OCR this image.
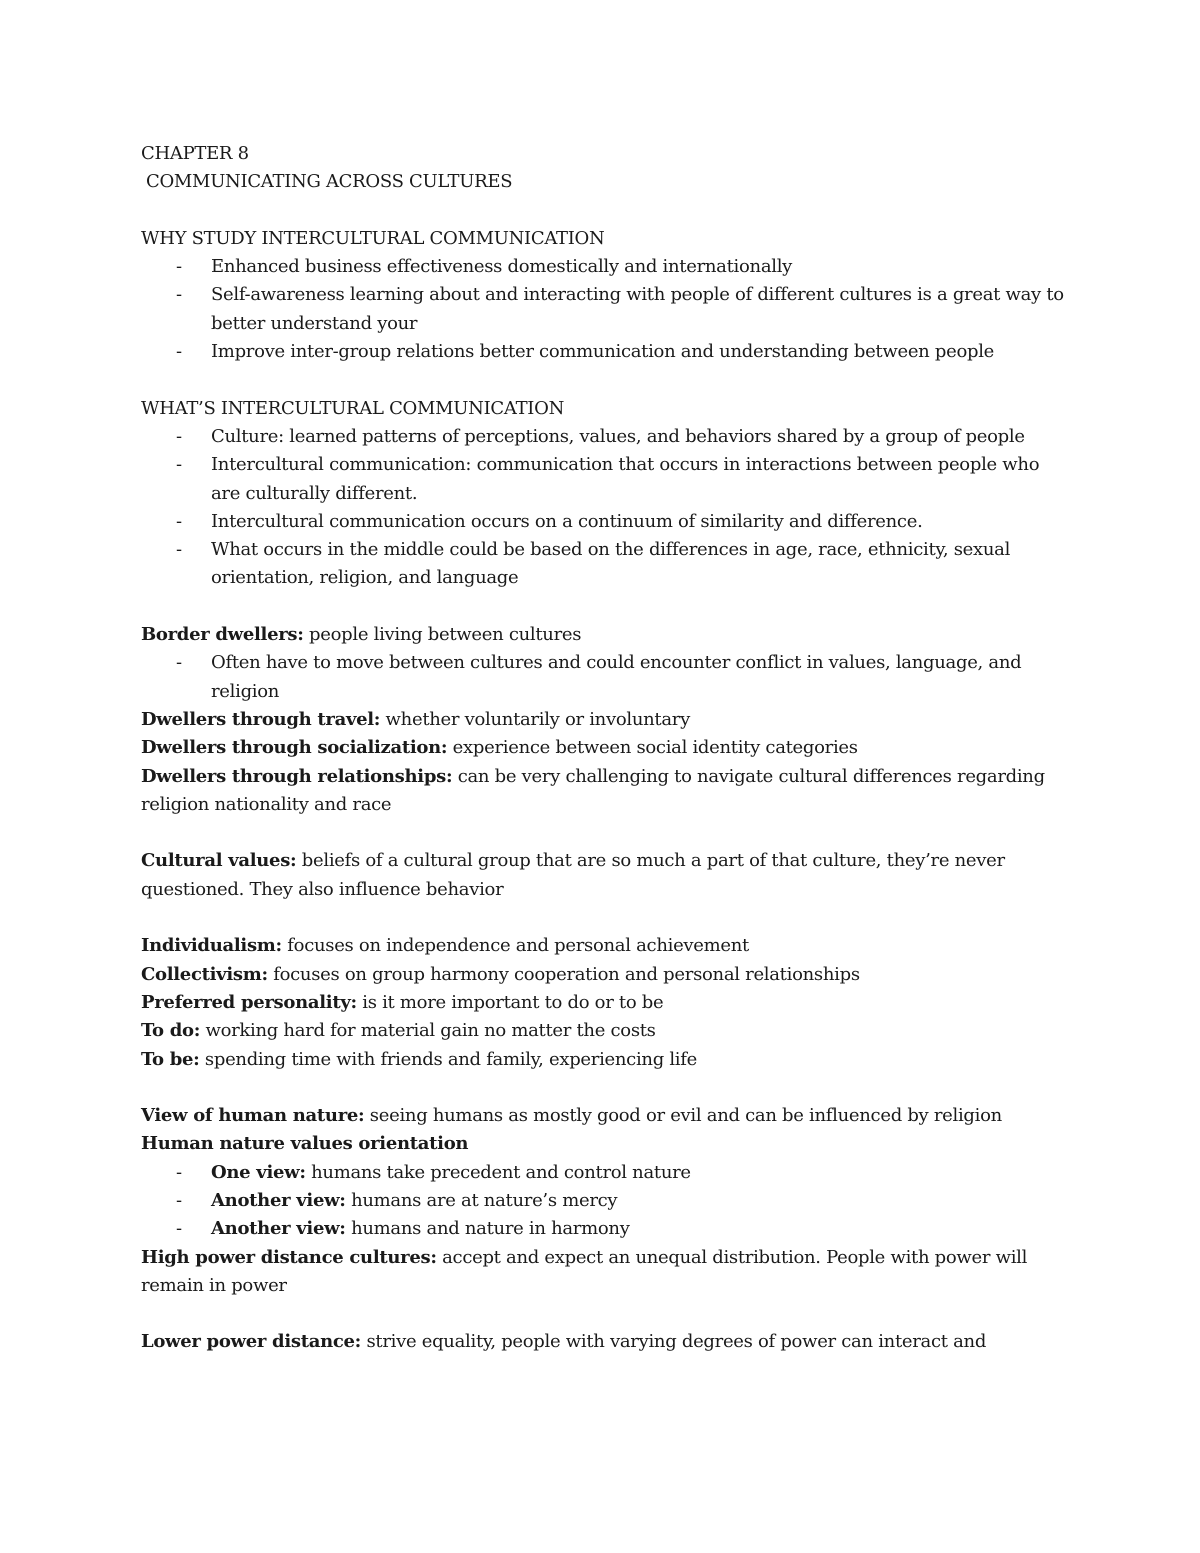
CHAPTER 8
COMMUNICATING ACROSS CULTURES
WHY STUDY INTERCULTURAL COMMUNICATION
- Enhanced business effectiveness domestically and internationally
- Self-awareness learning about and interacting with people of different cultures is a great way to better understand your
- Improve inter-group relations better communication and understanding between people
WHAT’S INTERCULTURAL COMMUNICATION
- Culture: learned patterns of perceptions, values, and behaviors shared by a group of people
- Intercultural communication: communication that occurs in interactions between people who are culturally different.
- Intercultural communication occurs on a continuum of similarity and difference.
- What occurs in the middle could be based on the differences in age, race, ethnicity, sexual orientation, religion, and language
Border dwellers: people living between cultures
- Often have to move between cultures and could encounter conflict in values, language, and religion
Dwellers through travel: whether voluntarily or involuntary
Dwellers through socialization: experience between social identity categories
Dwellers through relationships: can be very challenging to navigate cultural differences regarding religion nationality and race
Cultural values: beliefs of a cultural group that are so much a part of that culture, they’re never questioned. They also influence behavior
Individualism: focuses on independence and personal achievement
Collectivism: focuses on group harmony cooperation and personal relationships
Preferred personality: is it more important to do or to be
To do: working hard for material gain no matter the costs
To be: spending time with friends and family, experiencing life
View of human nature: seeing humans as mostly good or evil and can be influenced by religion
Human nature values orientation
- One view: humans take precedent and control nature
- Another view: humans are at nature’s mercy
- Another view: humans and nature in harmony
High power distance cultures: accept and expect an unequal distribution. People with power will remain in power
Lower power distance: strive equality, people with varying degrees of power can interact and
